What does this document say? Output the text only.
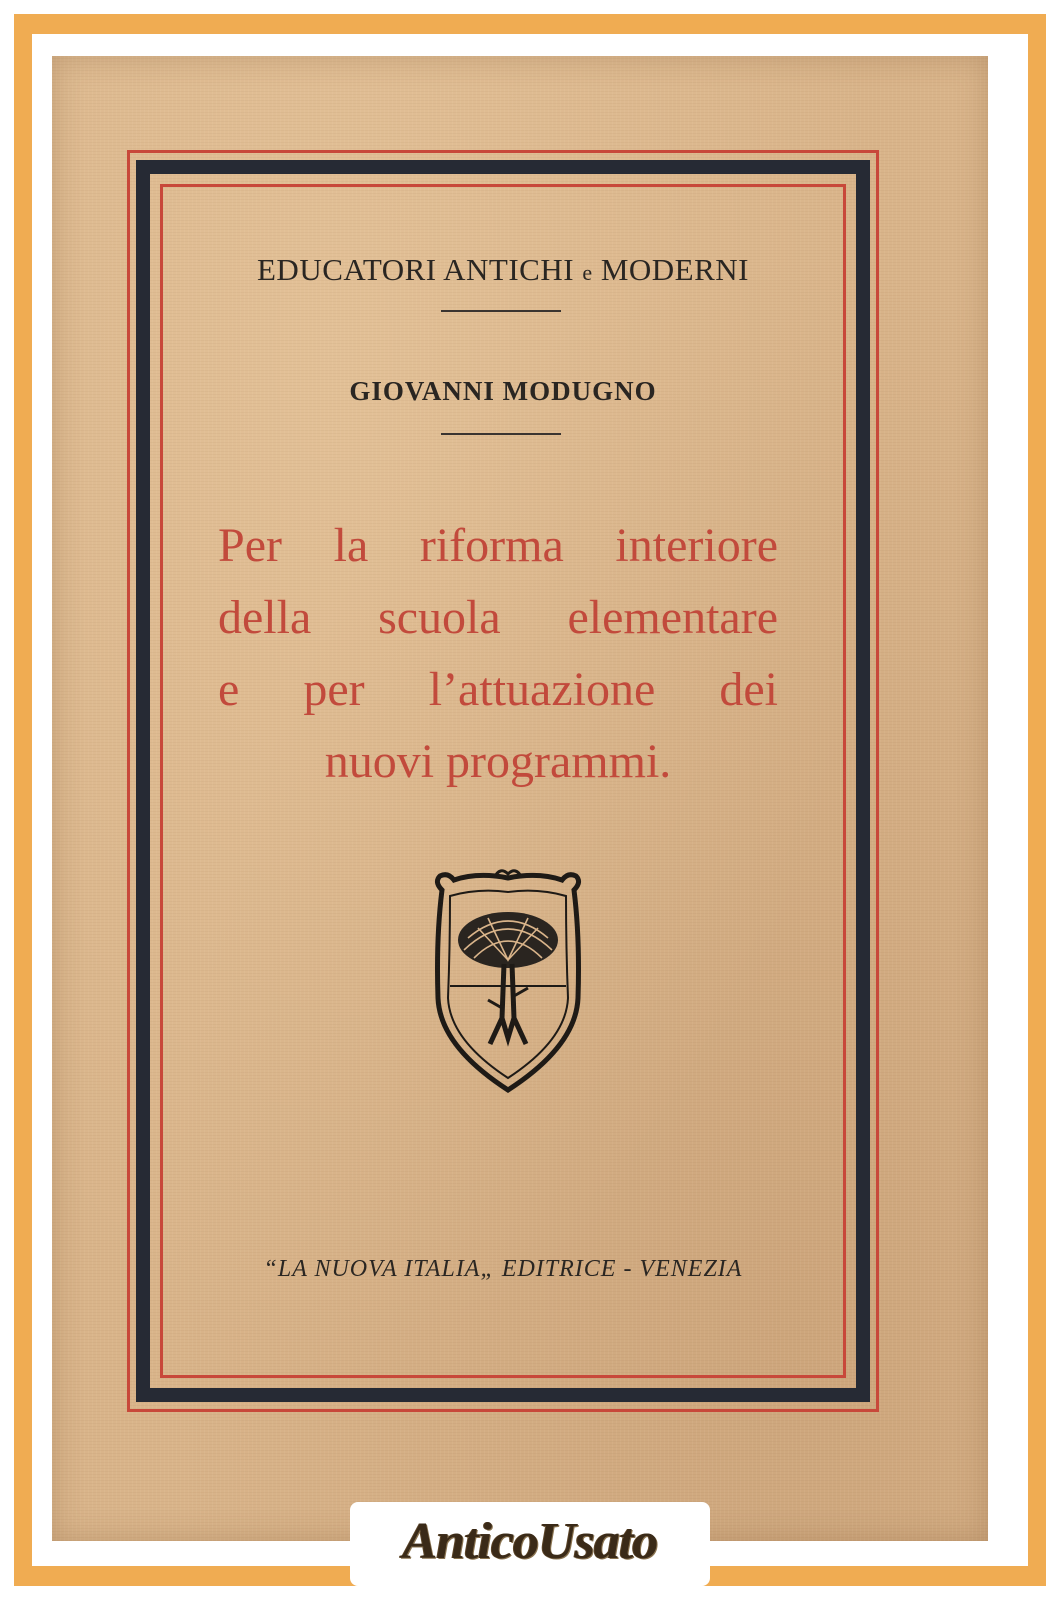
EDUCATORI ANTICHI e MODERNI
GIOVANNI MODUGNO
Per la riforma interiore
della scuola elementare
e per l’attuazione dei
nuovi programmi.
“LA NUOVA ITALIA„ EDITRICE - VENEZIA
AnticoUsato
